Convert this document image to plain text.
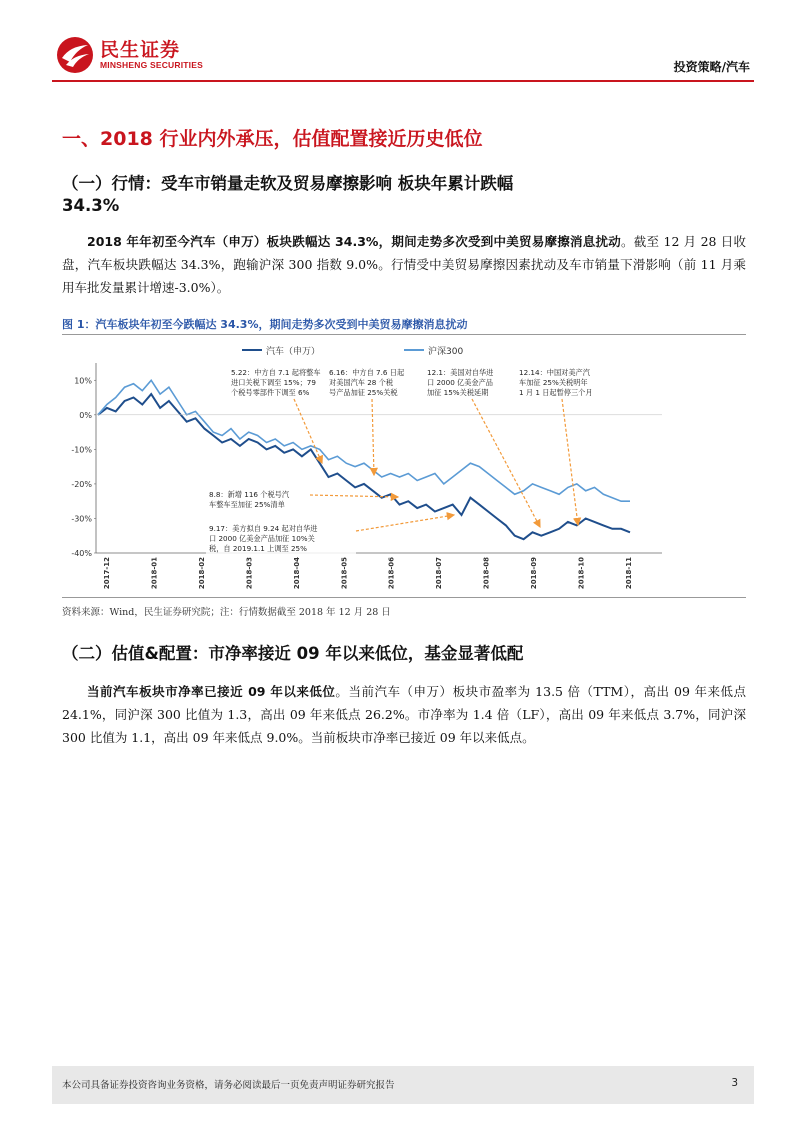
民生证券
MINSHENG SECURITIES	投资策略/汽车
一、2018 行业内外承压，估值配置接近历史低位
（一）行情：受车市销量走软及贸易摩擦影响 板块年累计跌幅
34.3%
2018 年年初至今汽车（申万）板块跌幅达 34.3%，期间走势多次受到中美贸易摩擦消息扰动。截至 12 月 28 日收盘，汽车板块跌幅达 34.3%，跑输沪深 300 指数 9.0%。行情受中美贸易摩擦因素扰动及车市销量下滑影响（前 11 月乘用车批发量累计增速-3.0%）。
图 1：汽车板块年初至今跌幅达 34.3%，期间走势多次受到中美贸易摩擦消息扰动
汽车（申万）	沪深300
10%
0%
-10%
-20%
-30%
-40%
2017-12	2018-01	2018-02	2018-03	2018-04	2018-05	2018-06	2018-07	2018-08	2018-09	2018-10	2018-11
5.22：中方自 7.1 起将整车
进口关税下调至 15%；79
个税号零部件下调至 6%
6.16：中方自 7.6 日起
对美国汽车 28 个税
号产品加征 25%关税
12.1：美国对自华进
口 2000 亿美金产品
加征 15%关税延期
12.14：中国对美产汽
车加征 25%关税明年
1 月 1 日起暂停三个月
8.8：新增 116 个税号汽
车整车至加征 25%清单
9.17：美方拟自 9.24 起对自华进
口 2000 亿美金产品加征 10%关
税，自 2019.1.1 上调至 25%
资料来源：Wind，民生证券研究院；注：行情数据截至 2018 年 12 月 28 日
（二）估值&配置：市净率接近 09 年以来低位，基金显著低配
当前汽车板块市净率已接近 09 年以来低位。当前汽车（申万）板块市盈率为 13.5 倍（TTM），高出 09 年来低点 24.1%，同沪深 300 比值为 1.3，高出 09 年来低点 26.2%。市净率为 1.4 倍（LF），高出 09 年来低点 3.7%，同沪深 300 比值为 1.1，高出 09 年来低点 9.0%。当前板块市净率已接近 09 年以来低点。
本公司具备证券投资咨询业务资格，请务必阅读最后一页免责声明证券研究报告	3
